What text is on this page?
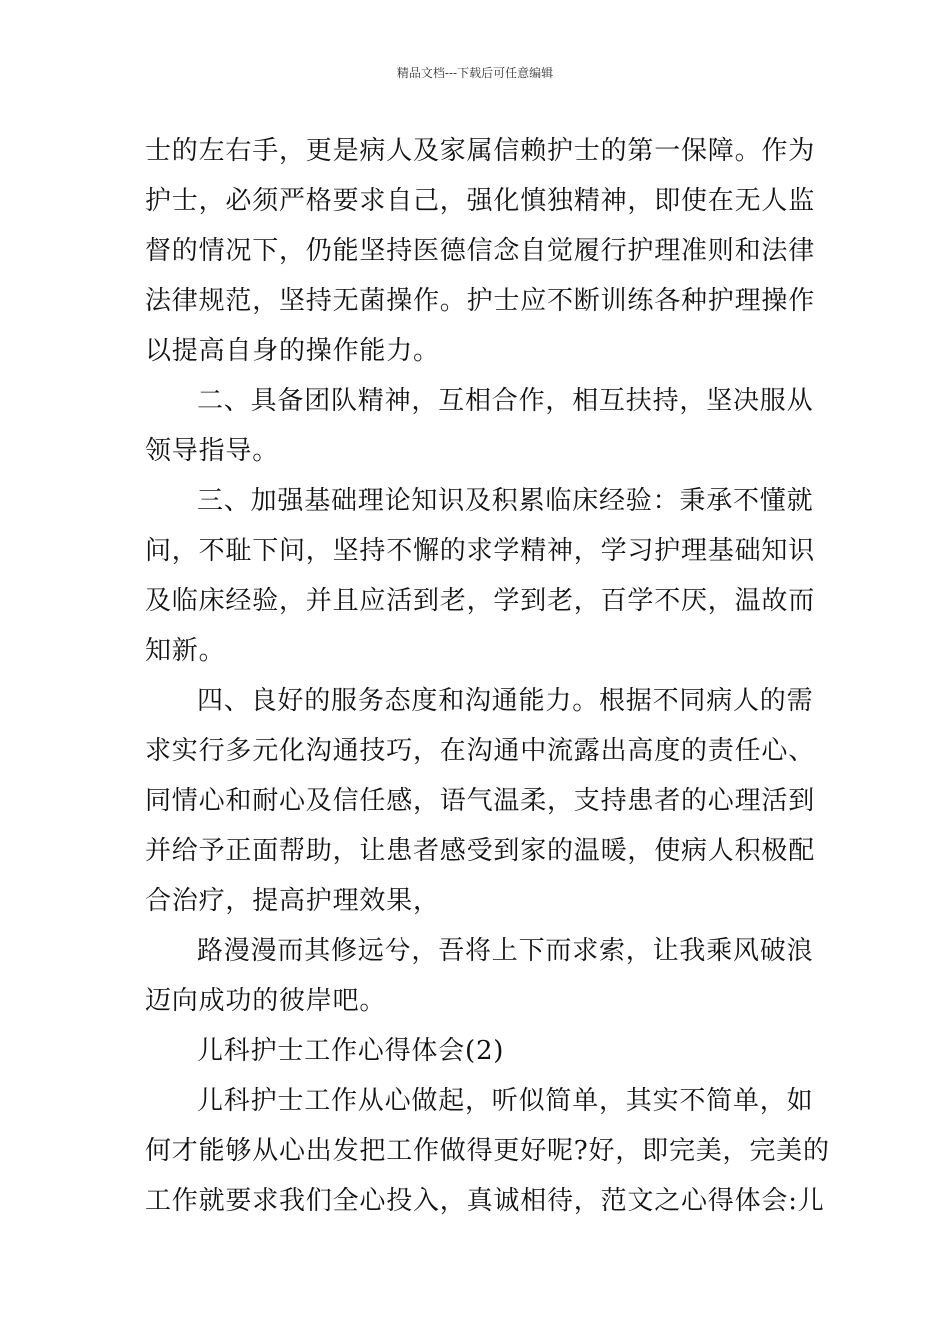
精品文档---下载后可任意编辑
士的左右手，更是病人及家属信赖护士的第一保障。作为
护士，必须严格要求自己，强化慎独精神，即使在无人监
督的情况下，仍能坚持医德信念自觉履行护理准则和法律
法律规范，坚持无菌操作。护士应不断训练各种护理操作
以提高自身的操作能力。
二、具备团队精神，互相合作，相互扶持，坚决服从
领导指导。
三、加强基础理论知识及积累临床经验：秉承不懂就
问，不耻下问，坚持不懈的求学精神，学习护理基础知识
及临床经验，并且应活到老，学到老，百学不厌，温故而
知新。
四、良好的服务态度和沟通能力。根据不同病人的需
求实行多元化沟通技巧，在沟通中流露出高度的责任心、
同情心和耐心及信任感，语气温柔，支持患者的心理活到
并给予正面帮助，让患者感受到家的温暖，使病人积极配
合治疗，提高护理效果，
路漫漫而其修远兮，吾将上下而求索，让我乘风破浪
迈向成功的彼岸吧。
儿科护士工作心得体会(2)
儿科护士工作从心做起，听似简单，其实不简单，如
何才能够从心出发把工作做得更好呢?好，即完美，完美的
工作就要求我们全心投入，真诚相待，范文之心得体会:儿
